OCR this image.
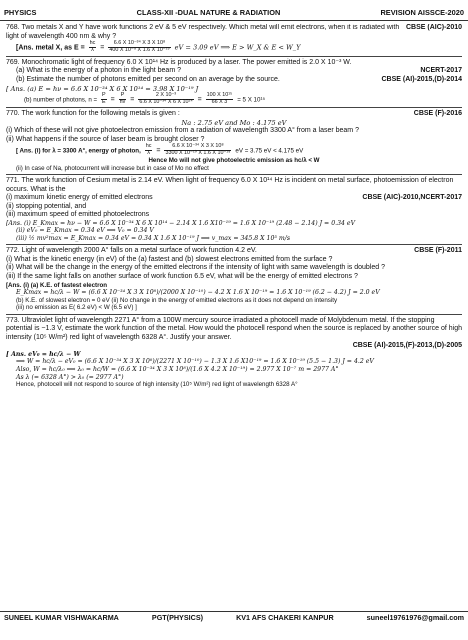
PHYSICS	CLASS-XII -DUAL NATURE & RADIATION	REVISION AISSCE-2020

CBSE (AIC)-2010
768. Two metals X and Y have work functions 2 eV & 5 eV respectively. Which metal will emit electrons, when it is radiated with light of wavelength 400 nm & why ?

[Ans. metal X, as $E = \frac{hc}{\lambda} = \frac{\text{6.6 X 10⁻³⁴ X 3 X 10⁸}}{\text{400 X 10⁻⁹ X 1.6 X 10⁻¹⁹}}$ eV = 3.09 eV ⟹ E > W_X & E < W_Y

769. Monochromatic light of frequency 6.0 X 10¹⁴ Hz is produced by a laser. The power emitted is 2.0 X 10⁻³ W.

NCERT-2017
(a) What is the energy of a photon in the light beam ?

CBSE (AI)-2015,(D)-2014
(b) Estimate the number of photons emitted per second on an average by the source.

[ Ans. (a) E = hν = 6.6 X 10⁻³⁴ X 6 X 10¹⁴ = 3.98 X 10⁻¹⁹ J

(b) number of photons, $n = \frac{P}{E} = \frac{P}{h\nu} = \frac{\text{2 X 10⁻³}}{\text{6.6 X 10⁻³⁴ X 6 X 10¹⁴}} = \frac{\text{100 X 10¹⁵}}{66 X 3} = 5$ X 10¹⁵

CBSE (F)-2016
770. The work function for the following metals is given :

Na : 2.75 eV and Mo : 4.175 eV

(i) Which of these will not give photoelectron emission from a radiation of wavelength 3300 A° from a laser beam ?

(ii) What happens if the source of laser beam is brought closer ?

[ Ans. (i) for λ = 3300 A°, energy of photon, $\frac{hc}{\lambda} = \frac{\text{6.6 X 10⁻³⁴ X 3 X 10⁸}}{\text{3300 X 10⁻¹⁰ X 1.6 X 10⁻¹⁹}}$ eV = 3.75 eV < 4.175 eV

Hence Mo will not give photoelectric emission as hc/λ < W

(ii) In case of Na, photocurrent will increase but in case of Mo no effect

771. The work function of Cesium metal is 2.14 eV. When light of frequency 6.0 X 10¹⁴ Hz is incident on metal surface, photoemission of electron occurs. What is the

CBSE (AIC)-2010,NCERT-2017
(i) maximum kinetic energy of emitted electrons

(ii) stopping potential, and

(iii) maximum speed of emitted photoelectrons

[Ans. (i) E_Kmax = hν − W = 6.6 X 10⁻³⁴ X 6 X 10¹⁴ − 2.14 X 1.6 X10⁻¹⁹ = 1.6 X 10⁻¹⁹ (2.48 − 2.14) J = 0.34 eV

(ii) eV₀ = E_Kmax = 0.34 eV ⟹ V₀ = 0.34 V

(iii) ½ mv²max = E_Kmax = 0.34 eV = 0.34 X 1.6 X 10⁻¹⁹ J ⟹ v_max = 345.8 X 10³ m/s

CBSE (F)-2011
772. Light of wavelength 2000 A° falls on a metal surface of work function 4.2 eV.

(i) What is the kinetic energy (in eV) of the (a) fastest and (b) slowest electrons emitted from the surface ?

(ii) What will be the change in the energy of the emitted electrons if the intensity of light with same wavelength is doubled ?

(iii) If the same light falls on another surface of work function 6.5 eV, what will be the energy of emitted electrons ?

[Ans. (i) (a) K.E. of fastest electron

E_Kmax = hc/λ − W = (6.6 X 10⁻³⁴ X 3 X 10⁸)/(2000 X 10⁻¹⁰) − 4.2 X 1.6 X 10⁻¹⁹ = 1.6 X 10⁻¹⁹ (6.2 − 4.2) J = 2.0 eV

(b) K.E. of slowest electron = 0 eV (ii) No change in the energy of emitted electrons as it does not depend on intensity

(iii) no emission as E( 6.2 eV) < W (6.5 eV) ]

773. Ultraviolet light of wavelength 2271 A° from a 100W mercury source irradiated a photocell made of Molybdenum metal. If the stopping potential is −1.3 V, estimate the work function of the metal. How would the photocell respond when the source is replaced by another source of high intensity (10⁵ W/m²) red light of wavelength 6328 A°. Justify your answer.

CBSE (AI)-2015,(F)-2013,(D)-2005

[ Ans. eV₀ = hc/λ − W

⟹ W = hc/λ − eV₀ = (6.6 X 10⁻³⁴ X 3 X 10⁸)/(2271 X 10⁻¹⁰) − 1.3 X 1.6 X10⁻¹⁹ = 1.6 X 10⁻¹⁹ (5.5 − 1.3) J = 4.2 eV

Also, W = hc/λ₀ ⟹ λ₀ = hc/W = (6.6 X 10⁻³⁴ X 3 X 10⁸)/(1.6 X 4.2 X 10⁻¹⁹) = 2.977 X 10⁻⁷ m = 2977 A°

As λ (= 6328 A°) > λ₀ (= 2977 A°)

Hence, photocell will not respond to source of high intensity (10⁵ W/m²) red light of wavelength 6328 A°

SUNEEL KUMAR VISHWAKARMA	PGT(PHYSICS)	KV1 AFS CHAKERI KANPUR	suneel19761976@gmail.com
